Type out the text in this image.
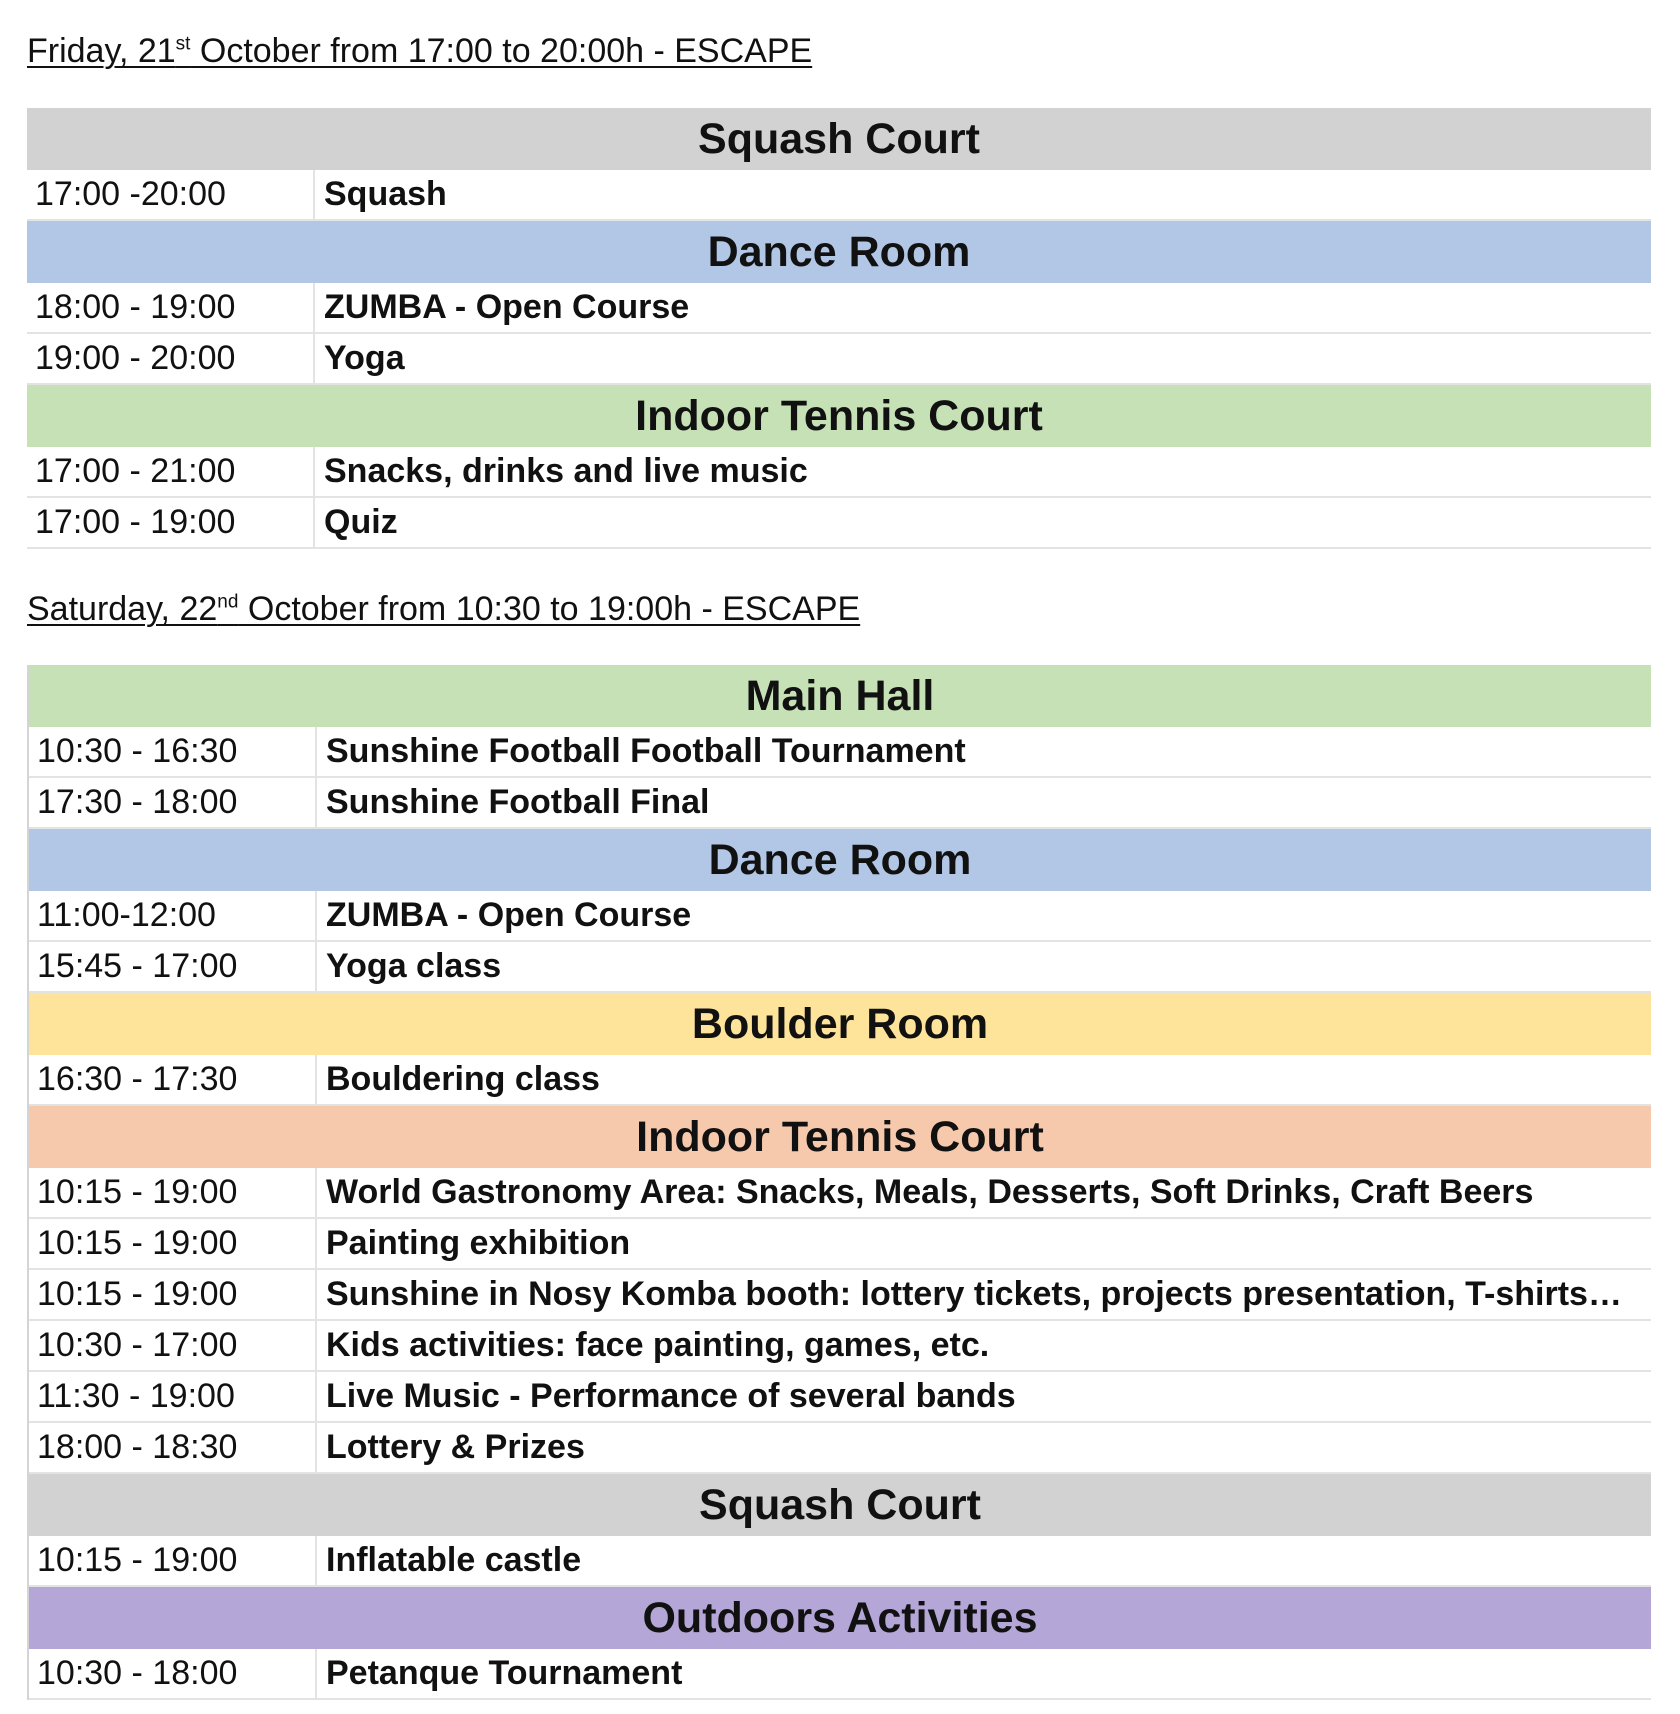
Friday, 21st October from 17:00 to 20:00h - ESCAPE
Squash Court
17:00 -20:00	Squash
Dance Room
18:00 - 19:00	ZUMBA - Open Course
19:00 - 20:00	Yoga
Indoor Tennis Court
17:00 - 21:00	Snacks, drinks and live music
17:00 - 19:00	Quiz
Saturday, 22nd October from 10:30 to 19:00h - ESCAPE
Main Hall
10:30 - 16:30	Sunshine Football Football Tournament
17:30 - 18:00	Sunshine Football Final
Dance Room
11:00-12:00	ZUMBA - Open Course
15:45 - 17:00	Yoga class
Boulder Room
16:30 - 17:30	Bouldering class
Indoor Tennis Court
10:15 - 19:00	World Gastronomy Area: Snacks, Meals, Desserts, Soft Drinks, Craft Beers
10:15 - 19:00	Painting exhibition
10:15 - 19:00	Sunshine in Nosy Komba booth: lottery tickets, projects presentation, T-shirts…
10:30 - 17:00	Kids activities: face painting, games, etc.
11:30 - 19:00	Live Music - Performance of several bands
18:00 - 18:30	Lottery & Prizes
Squash Court
10:15 - 19:00	Inflatable castle
Outdoors Activities
10:30 - 18:00	Petanque Tournament
